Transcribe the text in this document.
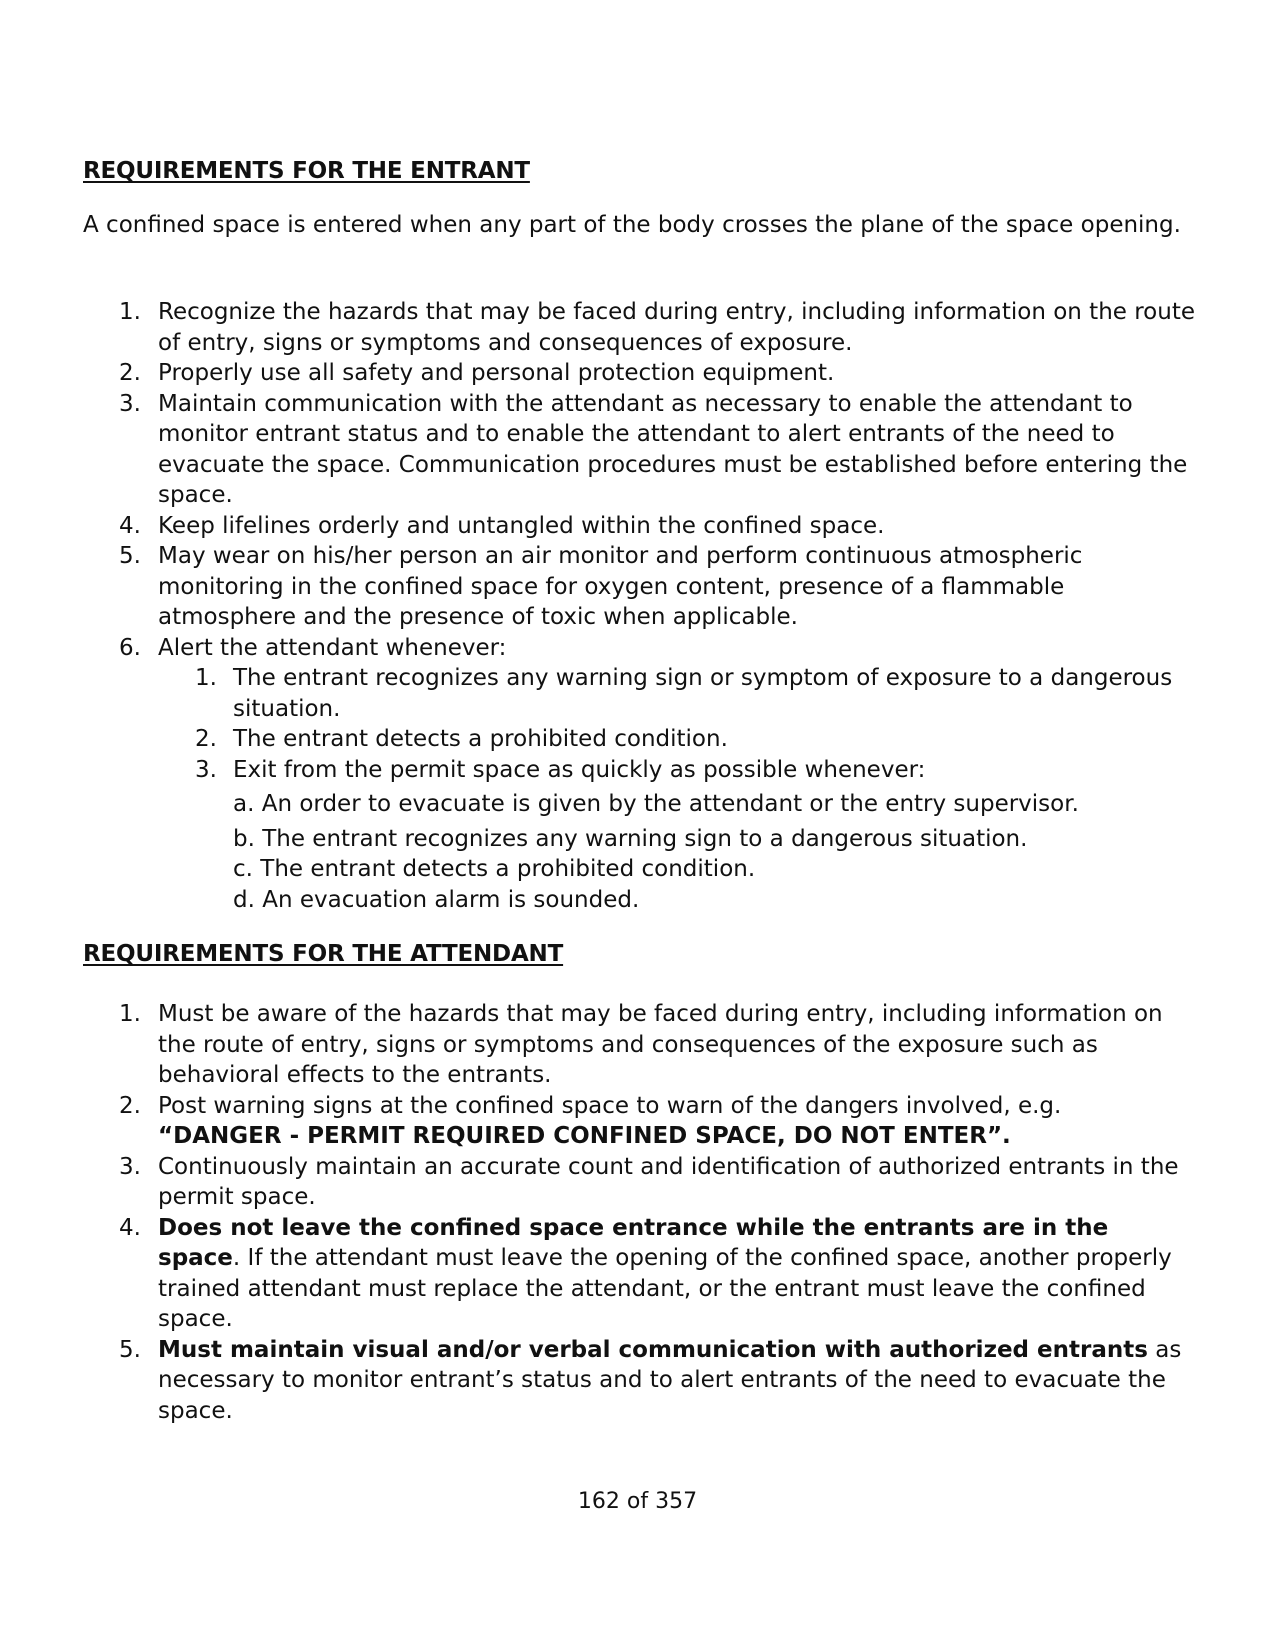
REQUIREMENTS FOR THE ENTRANT
A confined space is entered when any part of the body crosses the plane of the space opening.
1. Recognize the hazards that may be faced during entry, including information on the route of entry, signs or symptoms and consequences of exposure.
2. Properly use all safety and personal protection equipment.
3. Maintain communication with the attendant as necessary to enable the attendant to monitor entrant status and to enable the attendant to alert entrants of the need to evacuate the space. Communication procedures must be established before entering the space.
4. Keep lifelines orderly and untangled within the confined space.
5. May wear on his/her person an air monitor and perform continuous atmospheric monitoring in the confined space for oxygen content, presence of a flammable atmosphere and the presence of toxic when applicable.
6. Alert the attendant whenever:
1. The entrant recognizes any warning sign or symptom of exposure to a dangerous situation.
2. The entrant detects a prohibited condition.
3. Exit from the permit space as quickly as possible whenever:
a. An order to evacuate is given by the attendant or the entry supervisor.
b. The entrant recognizes any warning sign to a dangerous situation.
c. The entrant detects a prohibited condition.
d. An evacuation alarm is sounded.
REQUIREMENTS FOR THE ATTENDANT
1. Must be aware of the hazards that may be faced during entry, including information on the route of entry, signs or symptoms and consequences of the exposure such as behavioral effects to the entrants.
2. Post warning signs at the confined space to warn of the dangers involved, e.g.
“DANGER - PERMIT REQUIRED CONFINED SPACE, DO NOT ENTER”.
3. Continuously maintain an accurate count and identification of authorized entrants in the permit space.
4. Does not leave the confined space entrance while the entrants are in the space. If the attendant must leave the opening of the confined space, another properly trained attendant must replace the attendant, or the entrant must leave the confined space.
5. Must maintain visual and/or verbal communication with authorized entrants as necessary to monitor entrant’s status and to alert entrants of the need to evacuate the space.
162 of 357
